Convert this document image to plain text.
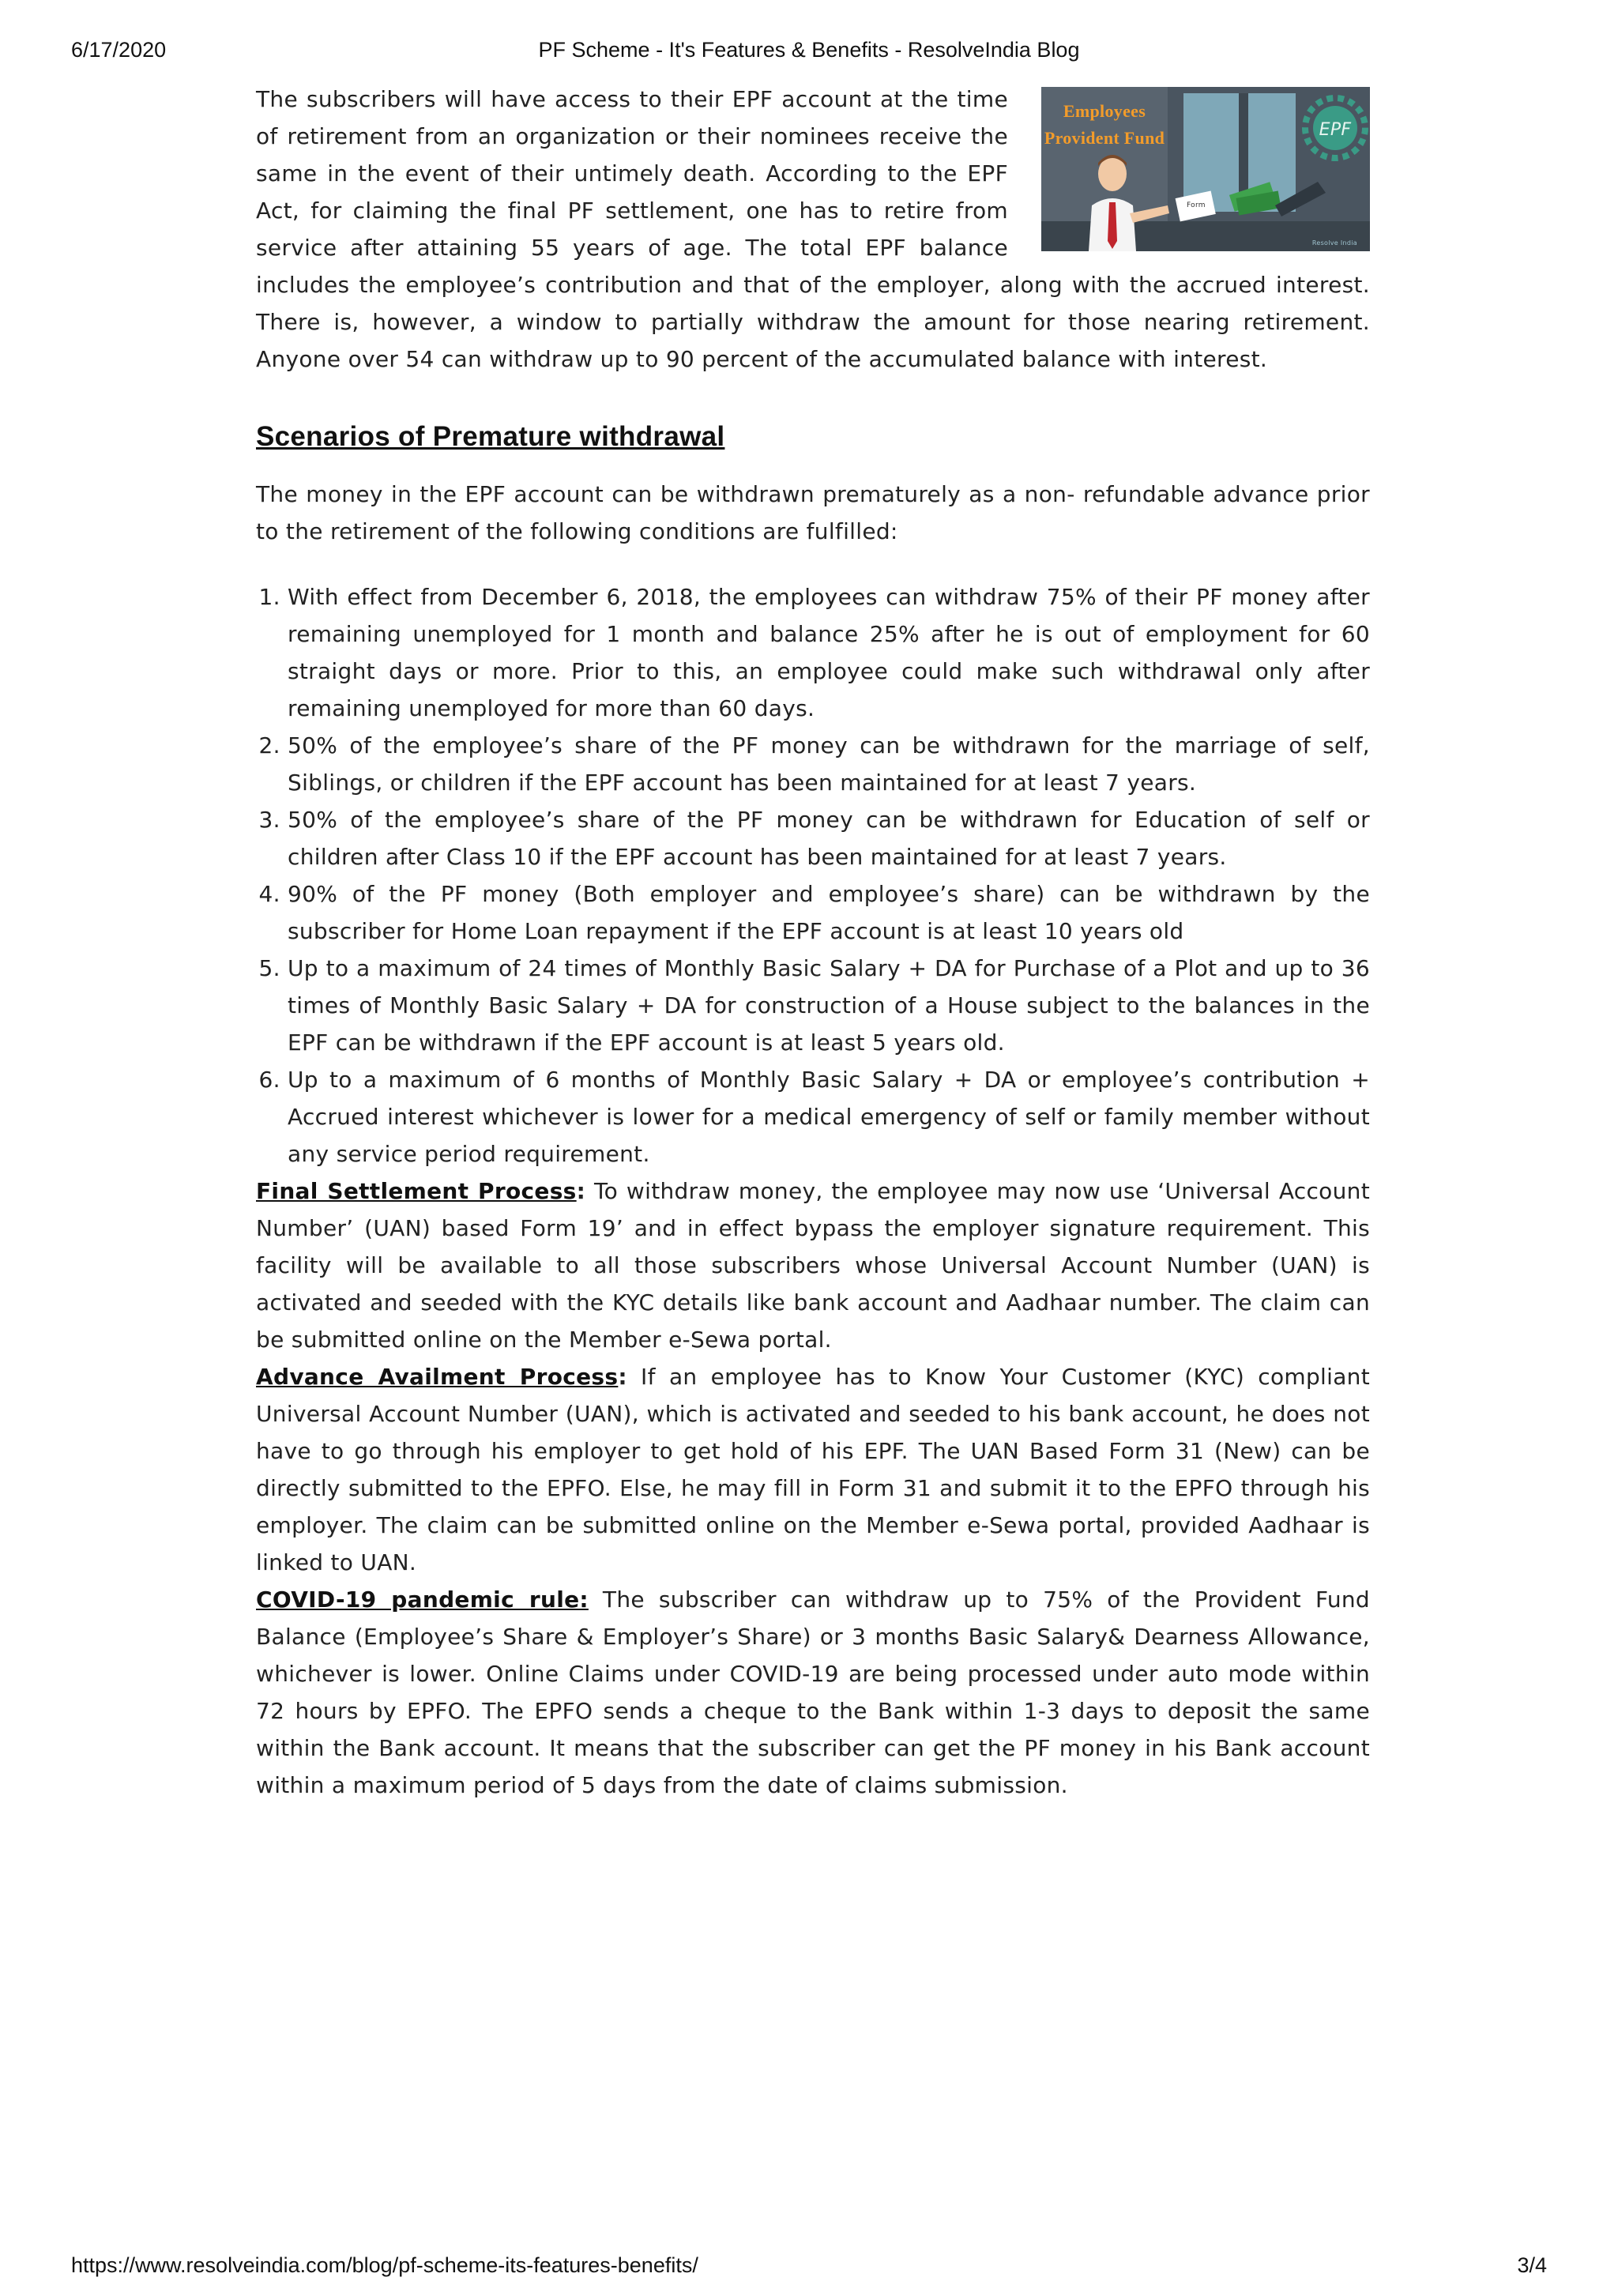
6/17/2020	PF Scheme - It's Features & Benefits - ResolveIndia Blog
Employees
Provident Fund	EPF
Form
Resolve India

The subscribers will have access to their EPF account at the time of retirement from an organization or their nominees receive the same in the event of their untimely death. According to the EPF Act, for claiming the final PF settlement, one has to retire from service after attaining 55 years of age. The total EPF balance includes the employee’s contribution and that of the employer, along with the accrued interest. There is, however, a window to partially withdraw the amount for those nearing retirement. Anyone over 54 can withdraw up to 90 percent of the accumulated balance with interest.

Scenarios of Premature withdrawal

The money in the EPF account can be withdrawn prematurely as a non- refundable advance prior to the retirement of the following conditions are fulfilled:

1. With effect from December 6, 2018, the employees can withdraw 75% of their PF money after remaining unemployed for 1 month and balance 25% after he is out of employment for 60 straight days or more. Prior to this, an employee could make such withdrawal only after remaining unemployed for more than 60 days.
2. 50% of the employee’s share of the PF money can be withdrawn for the marriage of self, Siblings, or children if the EPF account has been maintained for at least 7 years.
3. 50% of the employee’s share of the PF money can be withdrawn for Education of self or children after Class 10 if the EPF account has been maintained for at least 7 years.
4. 90% of the PF money (Both employer and employee’s share) can be withdrawn by the subscriber for Home Loan repayment if the EPF account is at least 10 years old
5. Up to a maximum of 24 times of Monthly Basic Salary + DA for Purchase of a Plot and up to 36 times of Monthly Basic Salary + DA for construction of a House subject to the balances in the EPF can be withdrawn if the EPF account is at least 5 years old.
6. Up to a maximum of 6 months of Monthly Basic Salary + DA or employee’s contribution + Accrued interest whichever is lower for a medical emergency of self or family member without any service period requirement.

Final Settlement Process: To withdraw money, the employee may now use ‘Universal Account Number’ (UAN) based Form 19’ and in effect bypass the employer signature requirement. This facility will be available to all those subscribers whose Universal Account Number (UAN) is activated and seeded with the KYC details like bank account and Aadhaar number. The claim can be submitted online on the Member e-Sewa portal.

Advance Availment Process: If an employee has to Know Your Customer (KYC) compliant Universal Account Number (UAN), which is activated and seeded to his bank account, he does not have to go through his employer to get hold of his EPF. The UAN Based Form 31 (New) can be directly submitted to the EPFO. Else, he may fill in Form 31 and submit it to the EPFO through his employer. The claim can be submitted online on the Member e-Sewa portal, provided Aadhaar is linked to UAN.

COVID-19 pandemic rule: The subscriber can withdraw up to 75% of the Provident Fund Balance (Employee’s Share & Employer’s Share) or 3 months Basic Salary& Dearness Allowance, whichever is lower. Online Claims under COVID-19 are being processed under auto mode within 72 hours by EPFO. The EPFO sends a cheque to the Bank within 1-3 days to deposit the same within the Bank account. It means that the subscriber can get the PF money in his Bank account within a maximum period of 5 days from the date of claims submission.

https://www.resolveindia.com/blog/pf-scheme-its-features-benefits/	3/4
